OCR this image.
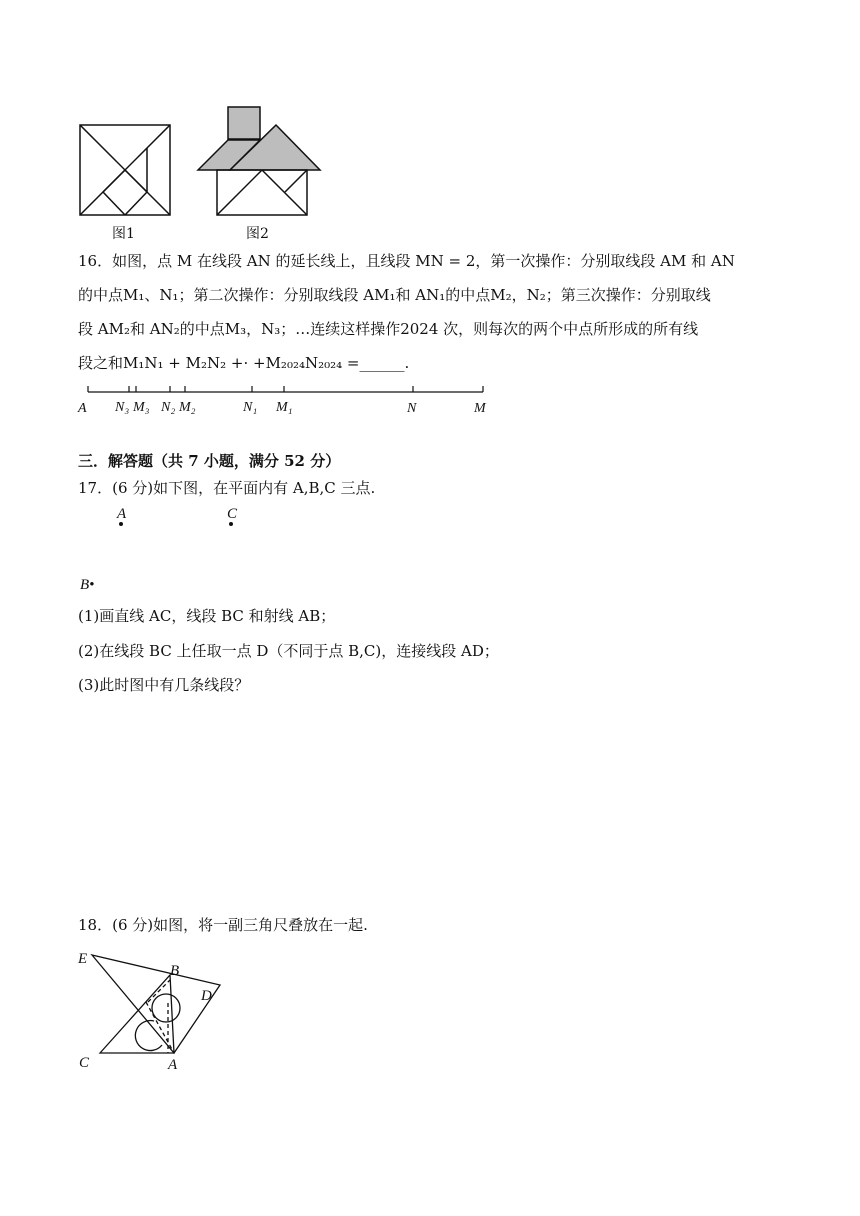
图1	图2
16．如图，点 M 在线段 AN 的延长线上，且线段 MN = 2，第一次操作：分别取线段 AM 和 AN
的中点M₁、N₁；第二次操作：分别取线段 AM₁和 AN₁的中点M₂，N₂；第三次操作：分别取线
段 AM₂和 AN₂的中点M₃，N₃；…连续这样操作2024 次，则每次的两个中点所形成的所有线
段之和M₁N₁ + M₂N₂ +· +M₂₀₂₄N₂₀₂₄ =______.
A N₃ M₃ N₂ M₂	N₁ M₁	N	M
三．解答题（共 7 小题，满分 52 分）
17．(6 分)如下图，在平面内有 A,B,C 三点.
A	C
B•
(1)画直线 AC，线段 BC 和射线 AB；
(2)在线段 BC 上任取一点 D（不同于点 B,C)，连接线段 AD；
(3)此时图中有几条线段？
18．(6 分)如图，将一副三角尺叠放在一起.
E
B
D
C	A
